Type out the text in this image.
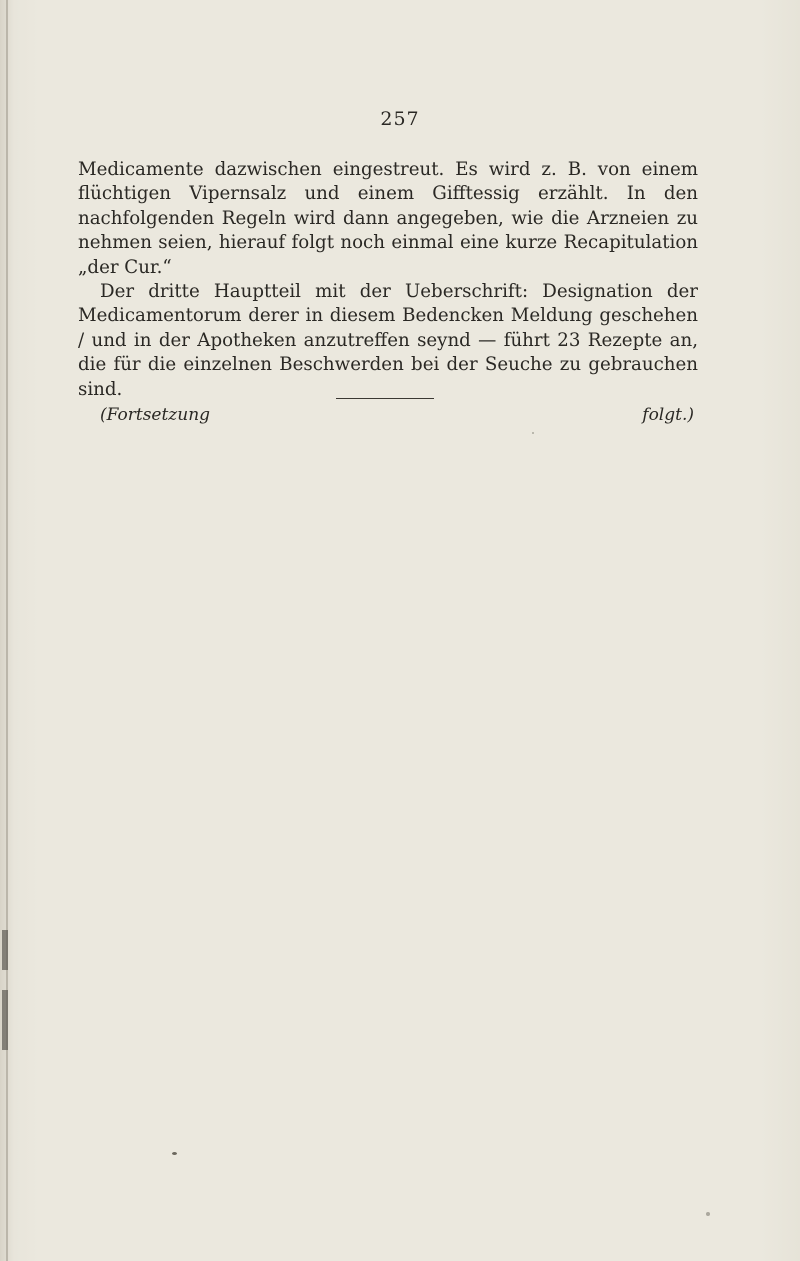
257

Medicamente dazwischen eingestreut. Es wird z. B. von einem flüchtigen Vipernsalz und einem Gifftessig erzählt. In den nachfolgenden Regeln wird dann angegeben, wie die Arzneien zu nehmen seien, hierauf folgt noch einmal eine kurze Recapitulation „der Cur.“

Der dritte Hauptteil mit der Ueberschrift: Designation der Medicamentorum derer in diesem Bedencken Meldung geschehen / und in der Apotheken anzutreffen seynd — führt 23 Rezepte an, die für die einzelnen Beschwerden bei der Seuche zu gebrauchen sind.

(Fortsetzung folgt.)
